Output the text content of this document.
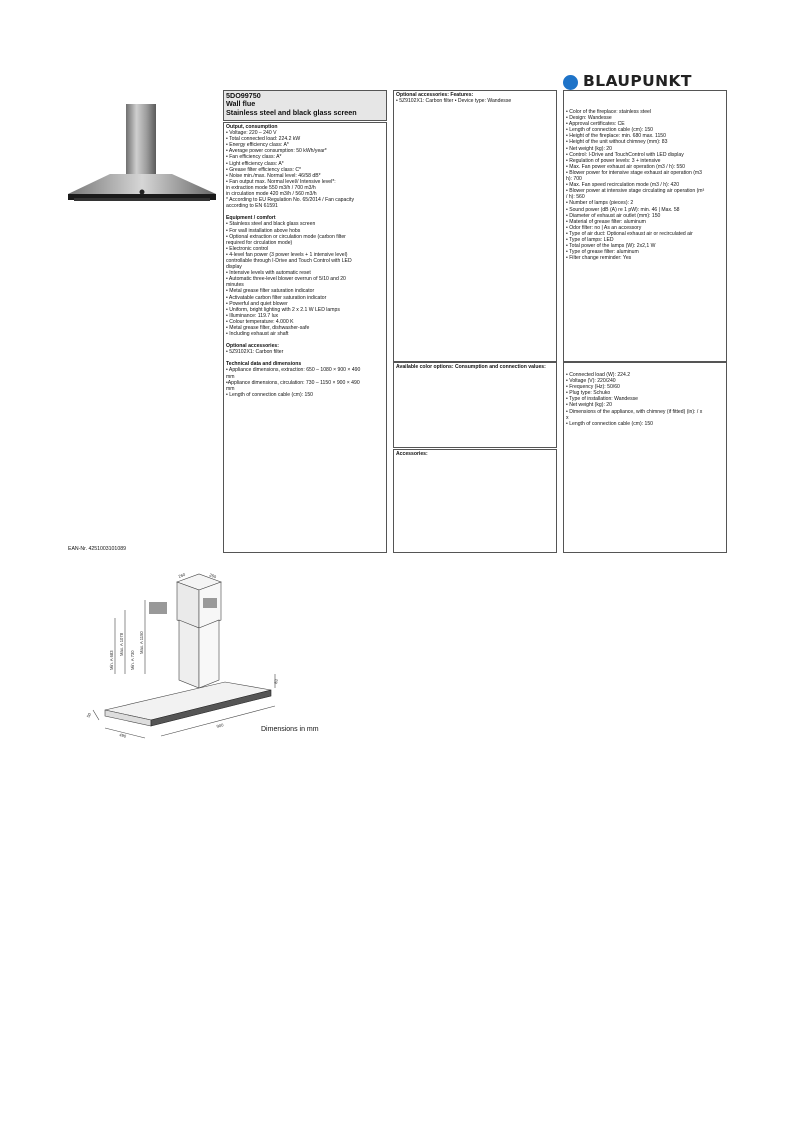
BLAUPUNKT

5DO99750

Wall flue

Stainless steel and black glass screen

Output, consumption

• Voltage: 220 – 240 V

• Total connected load: 224.2 kW

• Energy efficiency class: A*

• Average power consumption: 50 kWh/year*

• Fan efficiency class: A*

• Light efficiency class: A*

• Grease filter efficiency class: C*

• Noise min./max. Normal level: 46/58 dB*

• Fan output max. Normal level// Intensive level*:

in extraction mode 550 m3/h / 700 m3/h

in circulation mode 420 m3/h / 560 m3/h

* According to EU Regulation No. 65/2014 / Fan capacity

according to EN 61591

Equipment / comfort

• Stainless steel and black glass screen

• For wall installation above hobs

• Optional extraction or circulation mode (carbon filter

required for circulation mode)

• Electronic control

• 4-level fan power (3 power levels + 1 intensive level)

controllable through I-Drive and Touch Control with LED

display

• Intensive levels with automatic reset

• Automatic three-level blower overrun of 5/10 and 20

minutes

• Metal grease filter saturation indicator

• Activatable carbon filter saturation indicator

• Powerful and quiet blower

• Uniform, bright lighting with 2 x 2.1 W LED lamps

• Illuminance: 119.7 lux

• Colour temperature: 4.000 K

• Metal grease filter, dishwasher-safe

• Including exhaust air shaft

Optional accessories:

• 5Z9102X1: Carbon filter

Technical data and dimensions

• Appliance dimensions, extraction: 650 – 1080 × 900 × 490

mm

•Appliance dimensions, circulation: 730 – 1150 × 900 × 490

mm

• Length of connection cable (cm): 150

Optional accessories: Features:

• 5Z9102X1: Carbon filter • Device type: Wandesse

Available color options: Consumption and connection values:

Accessories:

• Color of the fireplace: stainless steel

• Design: Wandesse

• Approval certificates: CE

• Length of connection cable (cm): 150

• Height of the fireplace: min. 680 max. 1150

• Height of the unit without chimney (mm): 83

• Net weight (kg): 20

• Control: I-Drive and TouchControl with LED display

• Regulation of power levels: 3 + intensive

• Max. Fan power exhaust air operation (m3 / h): 550

• Blower power for intensive stage exhaust air operation (m3

h): 700

• Max. Fan speed recirculation mode (m3 / h): 420

• Blower power at intensive stage circulating air operation (m³

/ h): 560

• Number of lamps (pieces): 2

• Sound power (dB (A) re 1 pW): min. 46 | Max. 58

• Diameter of exhaust air outlet (mm): 150

• Material of grease filter: aluminum

• Odor filter: no | As an accessory

• Type of air duct: Optional exhaust air or recirculated air

• Type of lamps: LED

• Total power of the lamps (W): 2x2,1 W

• Type of grease filter: aluminum

• Filter change reminder: Yes

• Connected load (W): 224.2

• Voltage (V): 220/240

• Frequency (Hz): 50/60

• Plug type: Schuko

• Type of installation: Wandesse

• Net weight (kg): 20

• Dimensions of the appliance, with chimney (if fitted) (in): / x

x

• Length of connection cable (cm): 150

EAN-Nr. 4251003101089
260	260
Min. A 683
Max. A 1078
Min. A 730
Max. A 1150
83
490
900
50
Dimensions in mm
